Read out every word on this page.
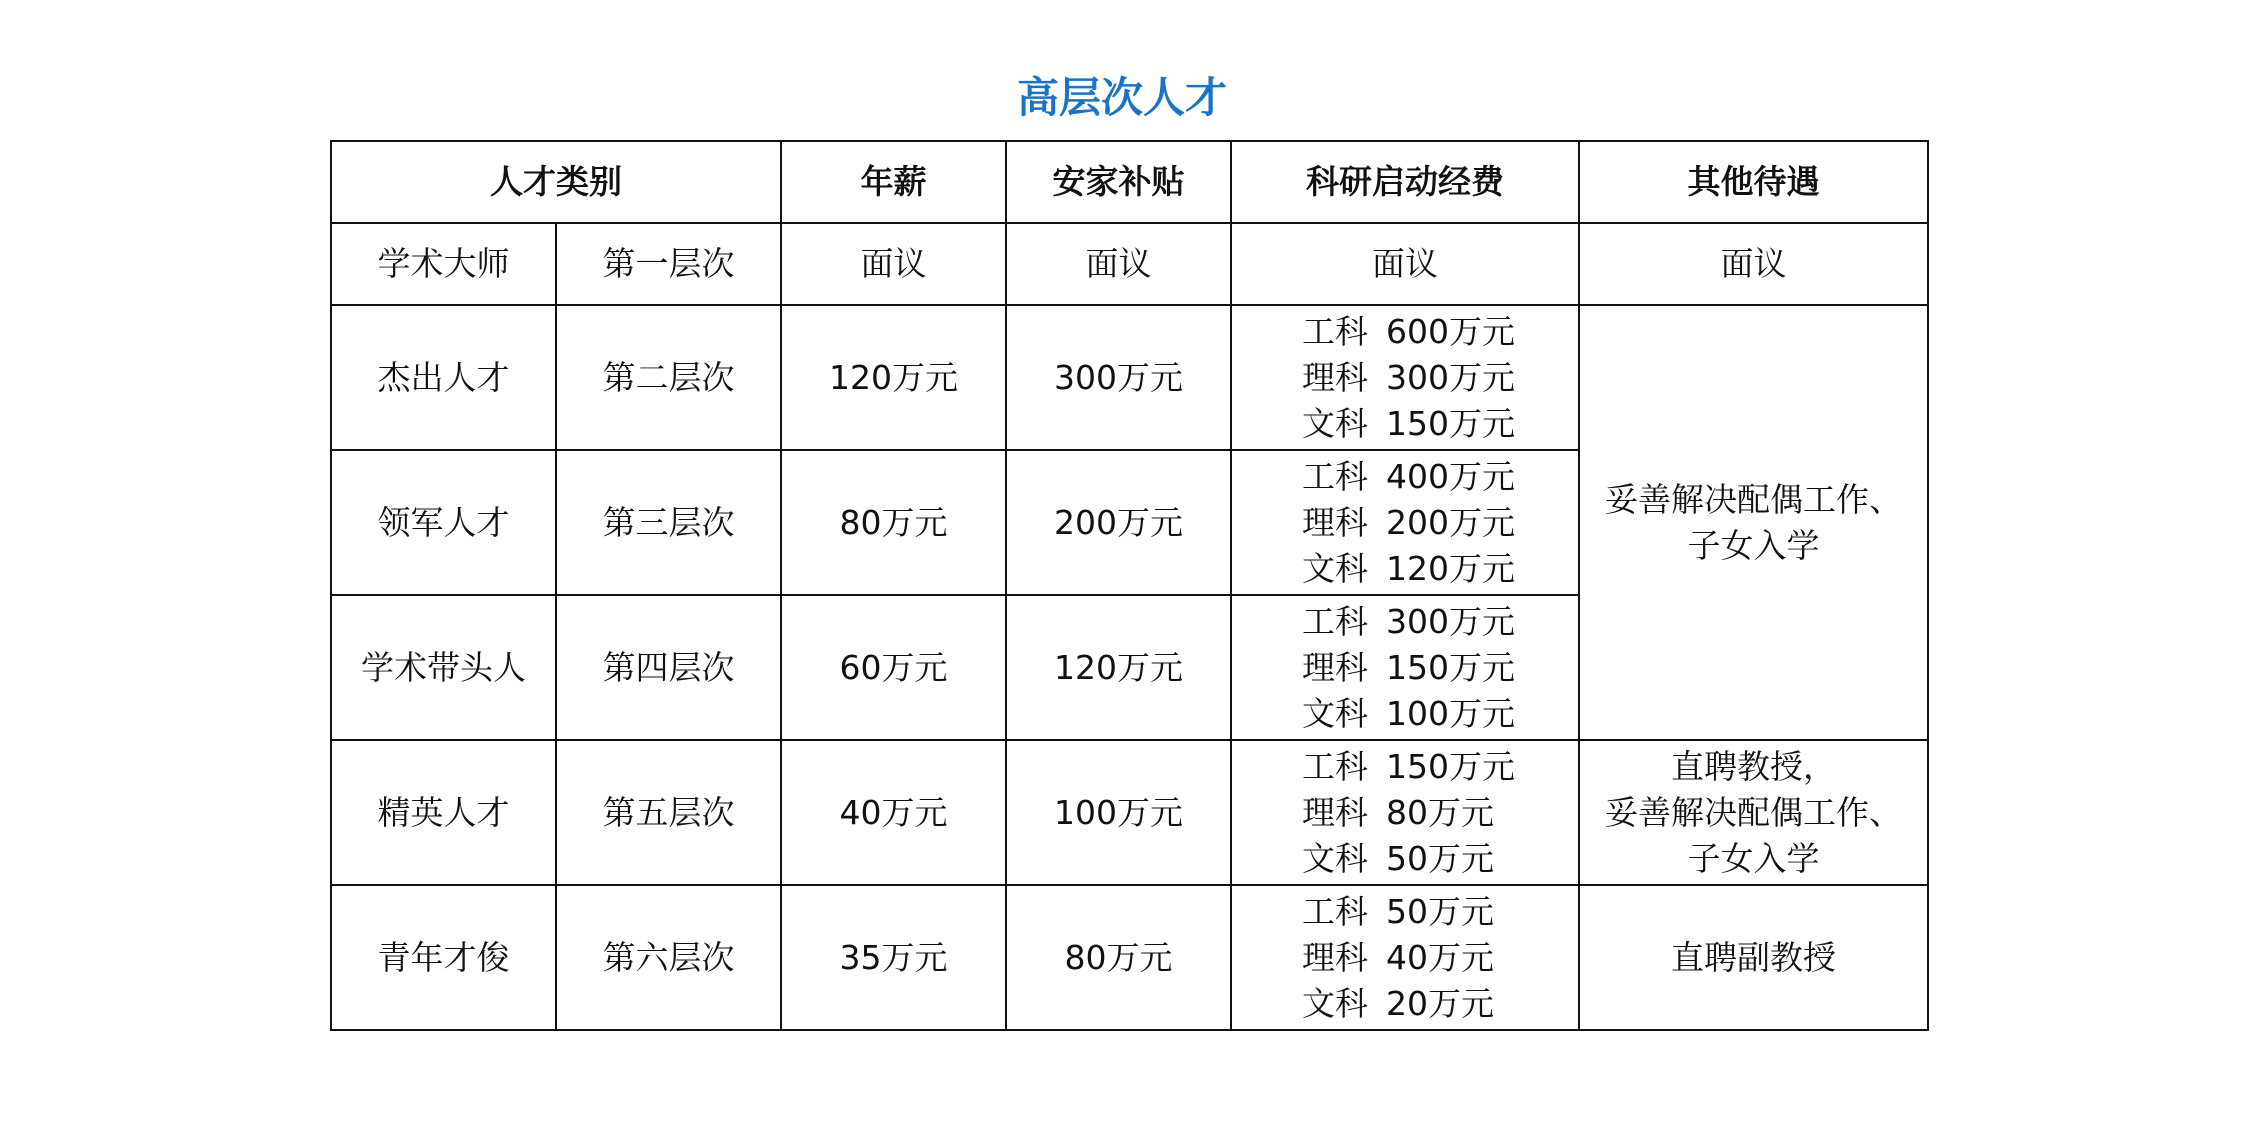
高层次人才
人才类别		年薪	安家补贴	科研启动经费	其他待遇
学术大师	第一层次	面议	面议	面议	面议
杰出人才	第二层次	120万元	300万元	工科 600万元
理科 300万元
文科 150万元	妥善解决配偶工作、
子女入学

领军人才	第三层次	80万元	200万元	工科 400万元
理科 200万元
文科 120万元	

学术带头人	第四层次	60万元	120万元	工科 300万元
理科 150万元
文科 100万元	

精英人才	第五层次	40万元	100万元	工科 150万元
理科 80万元
文科 50万元	直聘教授，
妥善解决配偶工作、
子女入学

青年才俊	第六层次	35万元	80万元	工科 50万元
理科 40万元
文科 20万元	直聘副教授
